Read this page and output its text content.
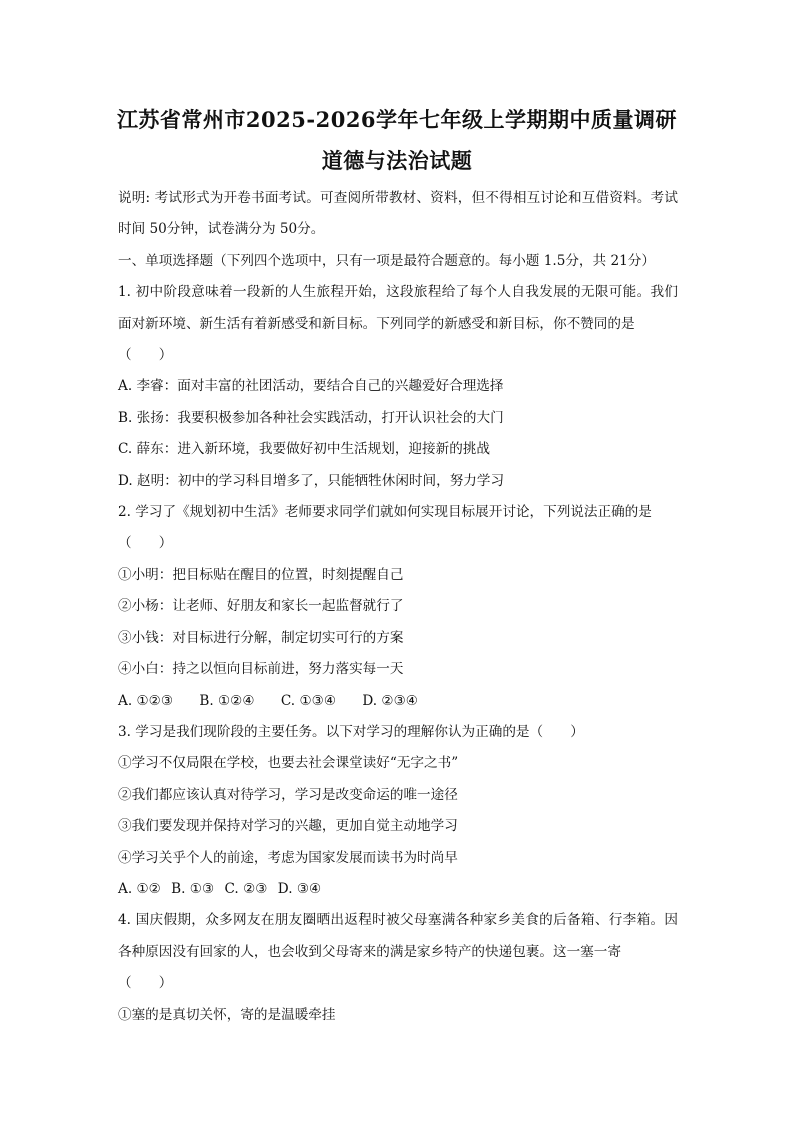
江苏省常州市2025-2026学年七年级上学期期中质量调研
道德与法治试题

说明: 考试形式为开卷书面考试。可查阅所带教材、资料，但不得相互讨论和互借资料。考试时间 50分钟，试卷满分为 50分。

一、单项选择题（下列四个选项中，只有一项是最符合题意的。每小题 1.5分，共 21分）

1. 初中阶段意味着一段新的人生旅程开始，这段旅程给了每个人自我发展的无限可能。我们面对新环境、新生活有着新感受和新目标。下列同学的新感受和新目标，你不赞同的是

（　　）

A. 李睿：面对丰富的社团活动，要结合自己的兴趣爱好合理选择

B. 张扬：我要积极参加各种社会实践活动，打开认识社会的大门

C. 薛东：进入新环境，我要做好初中生活规划，迎接新的挑战

D. 赵明：初中的学习科目增多了，只能牺牲休闲时间，努力学习

2. 学习了《规划初中生活》老师要求同学们就如何实现目标展开讨论，下列说法正确的是

（　　）

①小明：把目标贴在醒目的位置，时刻提醒自己

②小杨：让老师、好朋友和家长一起监督就行了

③小钱：对目标进行分解，制定切实可行的方案

④小白：持之以恒向目标前进，努力落实每一天

A. ①②③ B. ①②④ C. ①③④ D. ②③④

3. 学习是我们现阶段的主要任务。以下对学习的理解你认为正确的是（　　）

①学习不仅局限在学校，也要去社会课堂读好“无字之书”

②我们都应该认真对待学习，学习是改变命运的唯一途径

③我们要发现并保持对学习的兴趣，更加自觉主动地学习

④学习关乎个人的前途，考虑为国家发展而读书为时尚早

A. ①② B. ①③ C. ②③ D. ③④

4. 国庆假期，众多网友在朋友圈晒出返程时被父母塞满各种家乡美食的后备箱、行李箱。因各种原因没有回家的人，也会收到父母寄来的满是家乡特产的快递包裹。这一塞一寄

（　　）

①塞的是真切关怀，寄的是温暖牵挂
